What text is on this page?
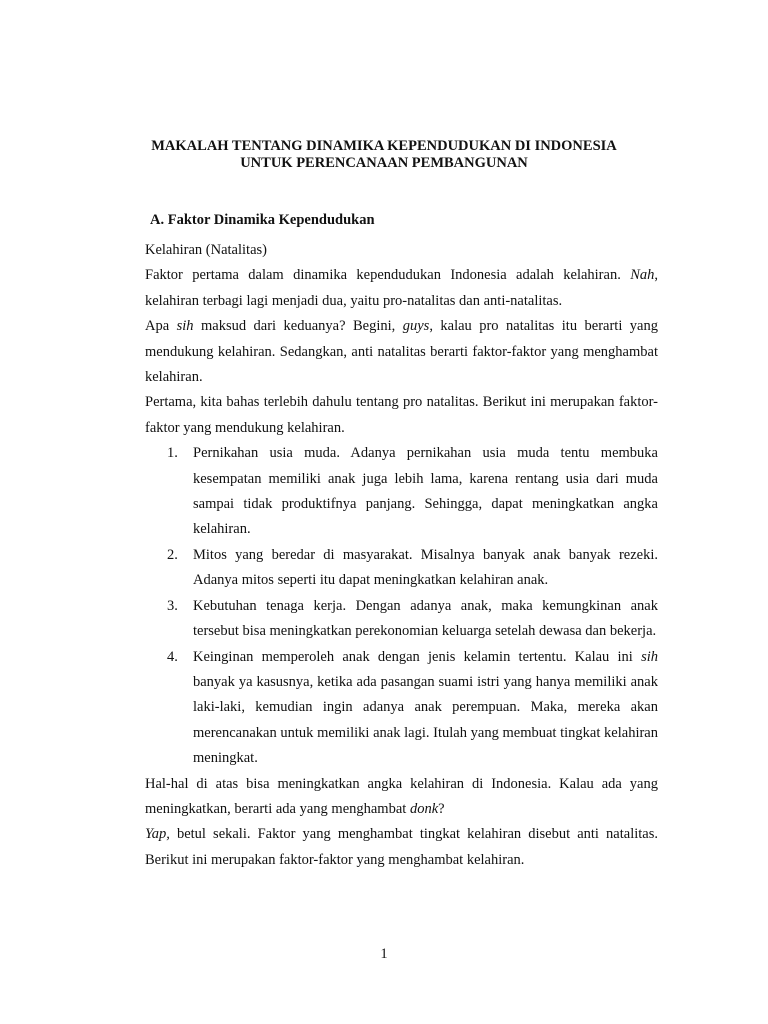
MAKALAH TENTANG DINAMIKA KEPENDUDUKAN DI INDONESIA
UNTUK PERENCANAAN PEMBANGUNAN
A. Faktor Dinamika Kependudukan

Kelahiran (Natalitas)

Faktor pertama dalam dinamika kependudukan Indonesia adalah kelahiran. Nah, kelahiran terbagi lagi menjadi dua, yaitu pro-natalitas dan anti-natalitas.

Apa sih maksud dari keduanya? Begini, guys, kalau pro natalitas itu berarti yang mendukung kelahiran. Sedangkan, anti natalitas berarti faktor-faktor yang menghambat kelahiran.

Pertama, kita bahas terlebih dahulu tentang pro natalitas. Berikut ini merupakan faktor-faktor yang mendukung kelahiran.

1. Pernikahan usia muda. Adanya pernikahan usia muda tentu membuka kesempatan memiliki anak juga lebih lama, karena rentang usia dari muda sampai tidak produktifnya panjang. Sehingga, dapat meningkatkan angka kelahiran.
2. Mitos yang beredar di masyarakat. Misalnya banyak anak banyak rezeki. Adanya mitos seperti itu dapat meningkatkan kelahiran anak.
3. Kebutuhan tenaga kerja. Dengan adanya anak, maka kemungkinan anak tersebut bisa meningkatkan perekonomian keluarga setelah dewasa dan bekerja.
4. Keinginan memperoleh anak dengan jenis kelamin tertentu. Kalau ini sih banyak ya kasusnya, ketika ada pasangan suami istri yang hanya memiliki anak laki-laki, kemudian ingin adanya anak perempuan. Maka, mereka akan merencanakan untuk memiliki anak lagi. Itulah yang membuat tingkat kelahiran meningkat.

Hal-hal di atas bisa meningkatkan angka kelahiran di Indonesia. Kalau ada yang meningkatkan, berarti ada yang menghambat donk?

Yap, betul sekali. Faktor yang menghambat tingkat kelahiran disebut anti natalitas. Berikut ini merupakan faktor-faktor yang menghambat kelahiran.

1
